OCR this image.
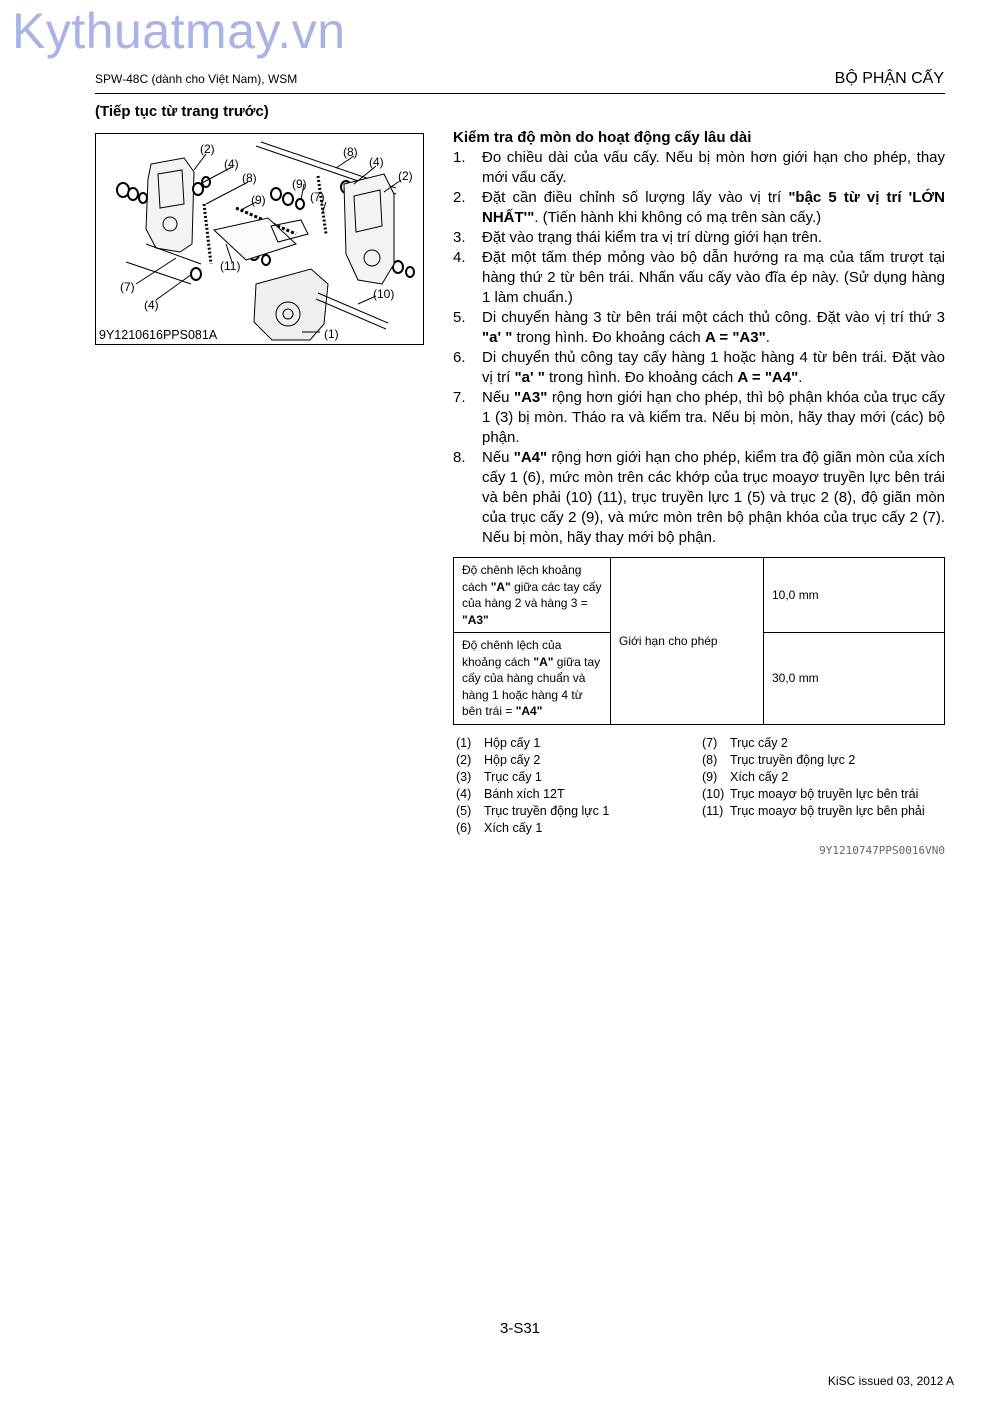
Kythuatmay.vn
SPW-48C (dành cho Việt Nam), WSM	BỘ PHẬN CẤY
(Tiếp tục từ trang trước)
(2)
(4)
(8)
(9)
(7)
(4)
(11)
(8)
(9)
(7)
(4)
(2)
(10)
(1)
9Y1210616PPS081A
Kiểm tra độ mòn do hoạt động cấy lâu dài
1. Đo chiều dài của vấu cấy. Nếu bị mòn hơn giới hạn cho phép, thay mới vấu cấy.
2. Đặt cần điều chỉnh số lượng lấy vào vị trí "bậc 5 từ vị trí 'LỚN NHẤT'". (Tiến hành khi không có mạ trên sàn cấy.)
3. Đặt vào trạng thái kiểm tra vị trí dừng giới hạn trên.
4. Đặt một tấm thép mỏng vào bộ dẫn hướng ra mạ của tấm trượt tại hàng thứ 2 từ bên trái. Nhấn vấu cấy vào đĩa ép này. (Sử dụng hàng 1 làm chuẩn.)
5. Di chuyển hàng 3 từ bên trái một cách thủ công. Đặt vào vị trí thứ 3 "a' " trong hình. Đo khoảng cách A = "A3".
6. Di chuyển thủ công tay cấy hàng 1 hoặc hàng 4 từ bên trái. Đặt vào vị trí "a' " trong hình. Đo khoảng cách A = "A4".
7. Nếu "A3" rộng hơn giới hạn cho phép, thì bộ phận khóa của trục cấy 1 (3) bị mòn. Tháo ra và kiểm tra. Nếu bị mòn, hãy thay mới (các) bộ phận.
8. Nếu "A4" rộng hơn giới hạn cho phép, kiểm tra độ giãn mòn của xích cấy 1 (6), mức mòn trên các khớp của trục moayơ truyền lực bên trái và bên phải (10) (11), trục truyền lực 1 (5) và trục 2 (8), độ giãn mòn của trục cấy 2 (9), và mức mòn trên bộ phận khóa của trục cấy 2 (7). Nếu bị mòn, hãy thay mới bộ phận.
Độ chênh lệch khoảng cách "A" giữa các tay cấy của hàng 2 và hàng 3 = "A3"	Giới hạn cho phép	10,0 mm
Độ chênh lệch của khoảng cách "A" giữa tay cấy của hàng chuẩn và hàng 1 hoặc hàng 4 từ bên trái = "A4"		30,0 mm
(1)	Hộp cấy 1
(2)	Hộp cấy 2
(3)	Trục cấy 1
(4)	Bánh xích 12T
(5)	Trục truyền động lực 1
(6)	Xích cấy 1
(7)	Trục cấy 2
(8)	Trục truyền động lực 2
(9)	Xích cấy 2
(10) Trục moayơ bộ truyền lực bên trái
(11) Trục moayơ bộ truyền lực bên phải
9Y1210747PPS0016VN0
3-S31
KiSC issued 03, 2012 A
